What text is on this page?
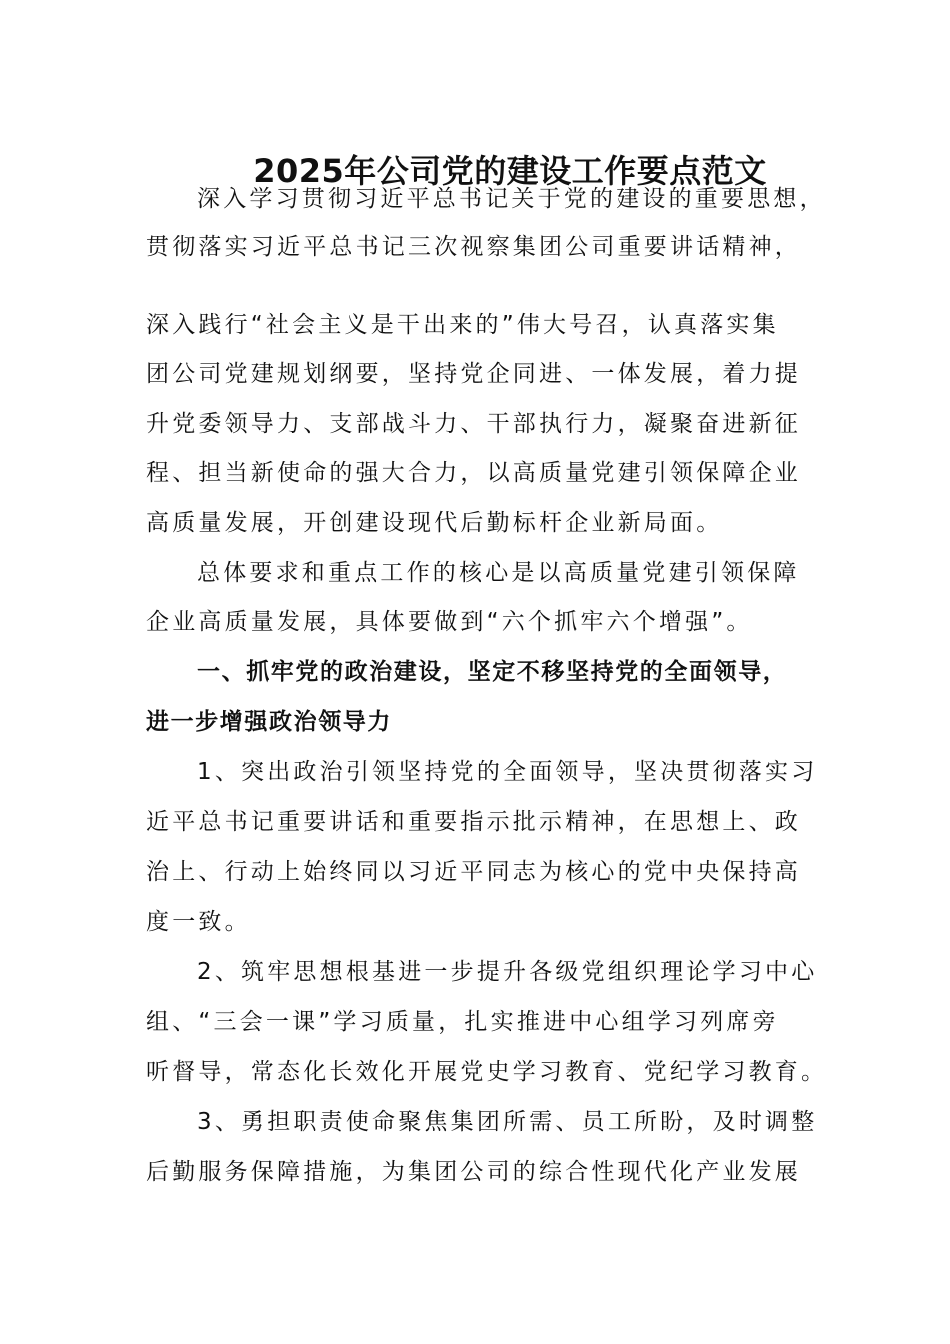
2025年公司党的建设工作要点范文
深入学习贯彻习近平总书记关于党的建设的重要思想，
贯彻落实习近平总书记三次视察集团公司重要讲话精神，
深入践行“社会主义是干出来的”伟大号召，认真落实集
团公司党建规划纲要，坚持党企同进、一体发展，着力提
升党委领导力、支部战斗力、干部执行力，凝聚奋进新征
程、担当新使命的强大合力，以高质量党建引领保障企业
高质量发展，开创建设现代后勤标杆企业新局面。
总体要求和重点工作的核心是以高质量党建引领保障
企业高质量发展，具体要做到“六个抓牢六个增强”。
一、抓牢党的政治建设，坚定不移坚持党的全面领导，
进一步增强政治领导力
1、突出政治引领坚持党的全面领导，坚决贯彻落实习
近平总书记重要讲话和重要指示批示精神，在思想上、政
治上、行动上始终同以习近平同志为核心的党中央保持高
度一致。
2、筑牢思想根基进一步提升各级党组织理论学习中心
组、“三会一课”学习质量，扎实推进中心组学习列席旁
听督导，常态化长效化开展党史学习教育、党纪学习教育。
3、勇担职责使命聚焦集团所需、员工所盼，及时调整
后勤服务保障措施，为集团公司的综合性现代化产业发展
